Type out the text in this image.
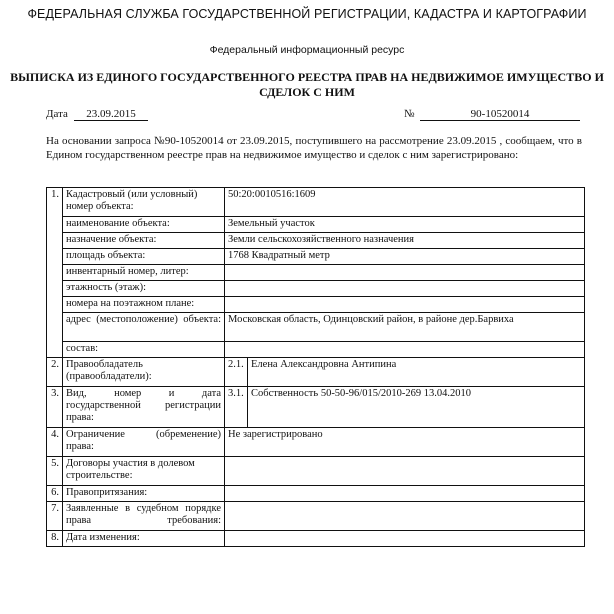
ФЕДЕРАЛЬНАЯ СЛУЖБА ГОСУДАРСТВЕННОЙ РЕГИСТРАЦИИ, КАДАСТРА И КАРТОГРАФИИ
Федеральный информационный ресурс
ВЫПИСКА ИЗ ЕДИНОГО ГОСУДАРСТВЕННОГО РЕЕСТРА ПРАВ НА НЕДВИЖИМОЕ ИМУЩЕСТВО И СДЕЛОК С НИМ
Дата	23.09.2015	№	90-10520014
На основании запроса №90-10520014 от 23.09.2015, поступившего на рассмотрение 23.09.2015 , сообщаем, что в Едином государственном реестре прав на недвижимое имущество и сделок с ним зарегистрировано:
1.	Кадастровый (или условный) номер объекта:	50:20:0010516:1609	
	наименование объекта:	Земельный участок	
	назначение объекта:	Земли сельскохозяйственного назначения	
	площадь объекта:	1768 Квадратный метр	
	инвентарный номер, литер:		
	этажность (этаж):		
	номера на поэтажном плане:		

	адрес (местоположение) объекта:	Московская область, Одинцовский район, в районе дер.Барвиха	
	состав:		
2.	Правообладатель (правообладатели):	2.1.	Елена Александровна Антипина
3.	Вид, номер и дата государственной регистрации права:	3.1.	Собственность 50-50-96/015/2010-269 13.04.2010
4.	Ограничение (обременение) права:	Не зарегистрировано	
5.	Договоры участия в долевом строительстве:		
6.	Правопритязания:		
7.	Заявленные в судебном порядке права требования:		

8.	Дата изменения:		
